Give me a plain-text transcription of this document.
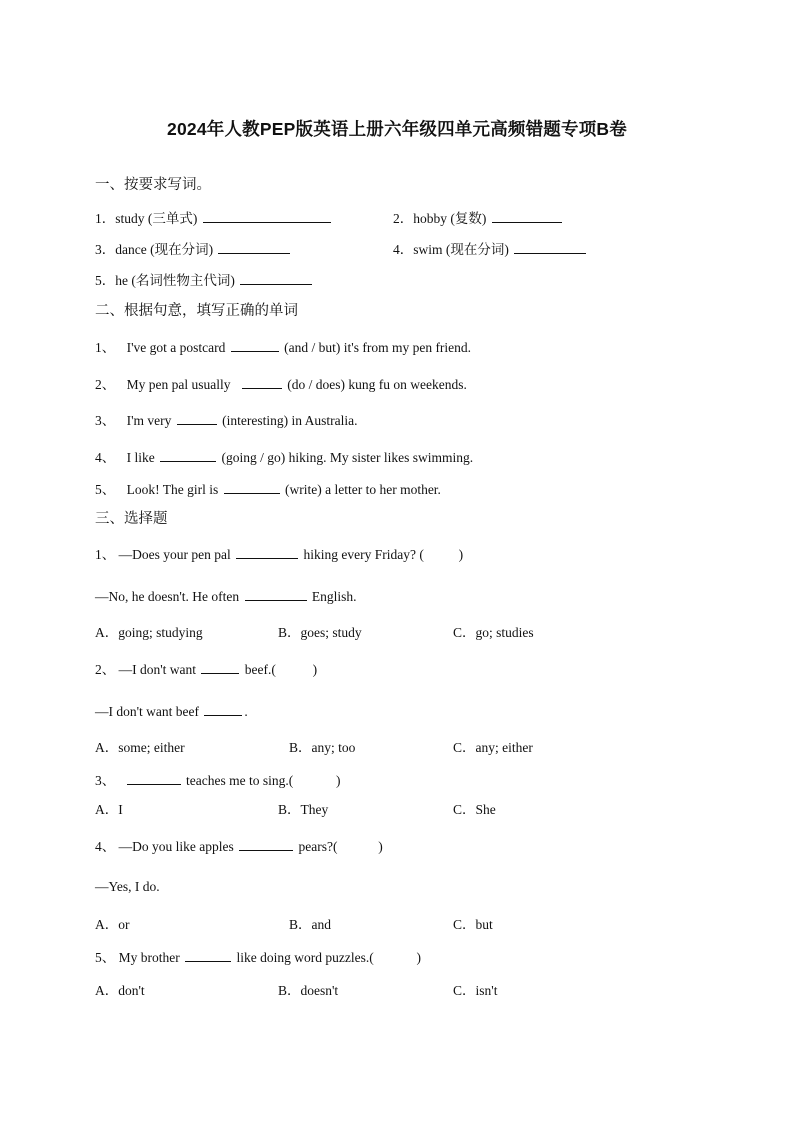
2024年人教PEP版英语上册六年级四单元高频错题专项B卷
一、按要求写词。
1．study (三单式)	2．hobby (复数)
3．dance (现在分词)	4．swim (现在分词)
5．he (名词性物主代词)
二、根据句意，填写正确的单词
1、 I've got a postcard	(and / but) it's from my pen friend.
2、 My pen pal usually	(do / does) kung fu on weekends.
3、 I'm very	(interesting) in Australia.
4、 I like	(going / go) hiking. My sister likes swimming.
5、 Look! The girl is	(write) a letter to her mother.
三、选择题
1、 —Does your pen pal	hiking every Friday? (	)
—No, he doesn't. He often	English.
A．going; studying	B．goes; study	C．go; studies
2、 —I don't want	beef.(	)
—I don't want beef	.
A．some; either	B．any; too	C．any; either
3、	teaches me to sing.(	)
A．I	B．They	C．She
4、 —Do you like apples	pears?(	)
—Yes, I do.
A．or	B．and	C．but
5、 My brother	like doing word puzzles.(	)
A．don't	B．doesn't	C．isn't
